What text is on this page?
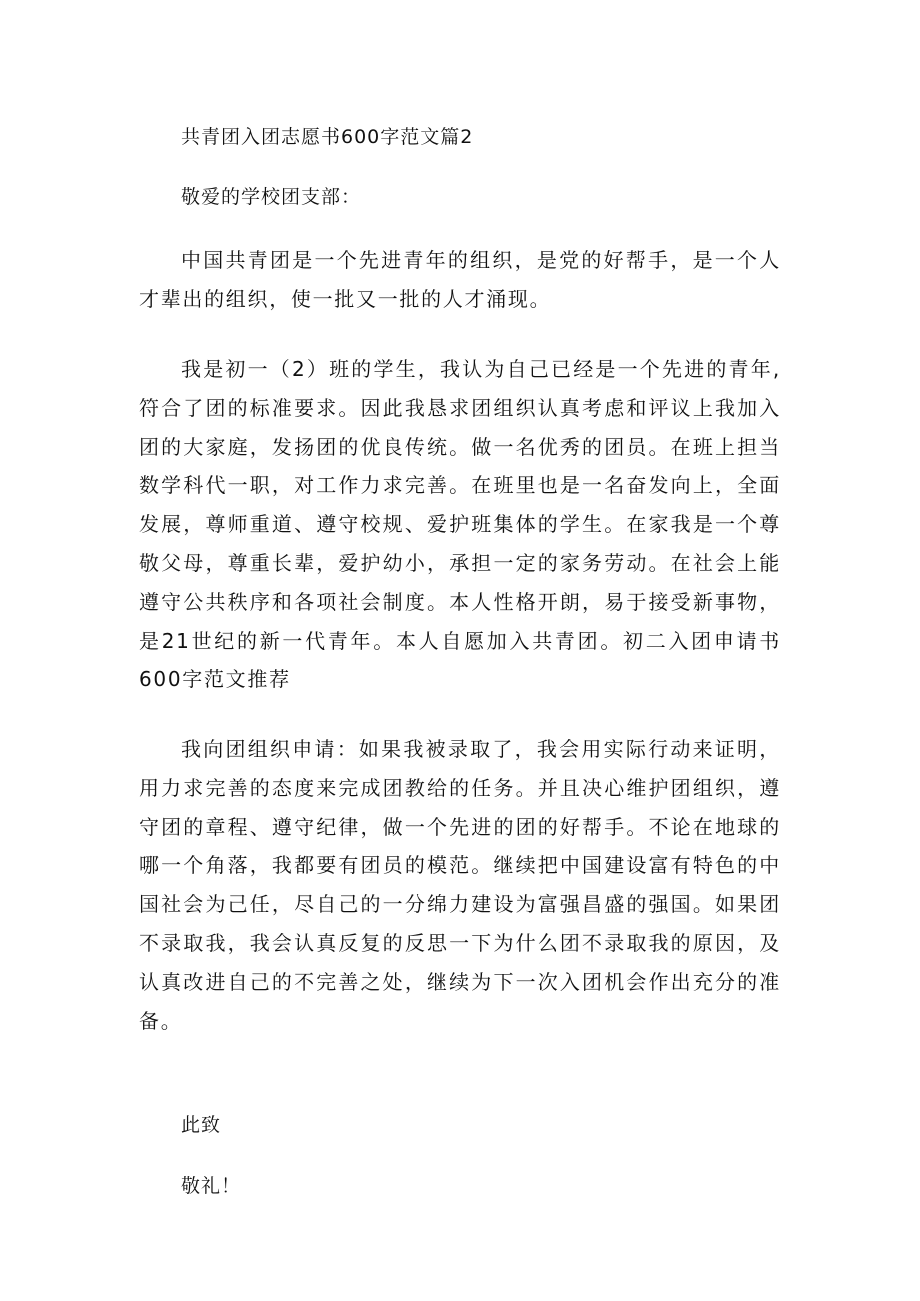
共青团入团志愿书600字范文篇2
敬爱的学校团支部：

中国共青团是一个先进青年的组织，是党的好帮手，是一个人才辈出的组织，使一批又一批的人才涌现。

我是初一（2）班的学生，我认为自己已经是一个先进的青年,符合了团的标准要求。因此我恳求团组织认真考虑和评议上我加入团的大家庭，发扬团的优良传统。做一名优秀的团员。在班上担当数学科代一职，对工作力求完善。在班里也是一名奋发向上，全面发展，尊师重道、遵守校规、爱护班集体的学生。在家我是一个尊敬父母，尊重长辈，爱护幼小，承担一定的家务劳动。在社会上能遵守公共秩序和各项社会制度。本人性格开朗，易于接受新事物，是21世纪的新一代青年。本人自愿加入共青团。初二入团申请书600字范文推荐

我向团组织申请：如果我被录取了，我会用实际行动来证明，用力求完善的态度来完成团教给的任务。并且决心维护团组织，遵守团的章程、遵守纪律，做一个先进的团的好帮手。不论在地球的哪一个角落，我都要有团员的模范。继续把中国建设富有特色的中国社会为己任，尽自己的一分绵力建设为富强昌盛的强国。如果团不录取我，我会认真反复的反思一下为什么团不录取我的原因，及认真改进自己的不完善之处，继续为下一次入团机会作出充分的准备。

此致
敬礼！
